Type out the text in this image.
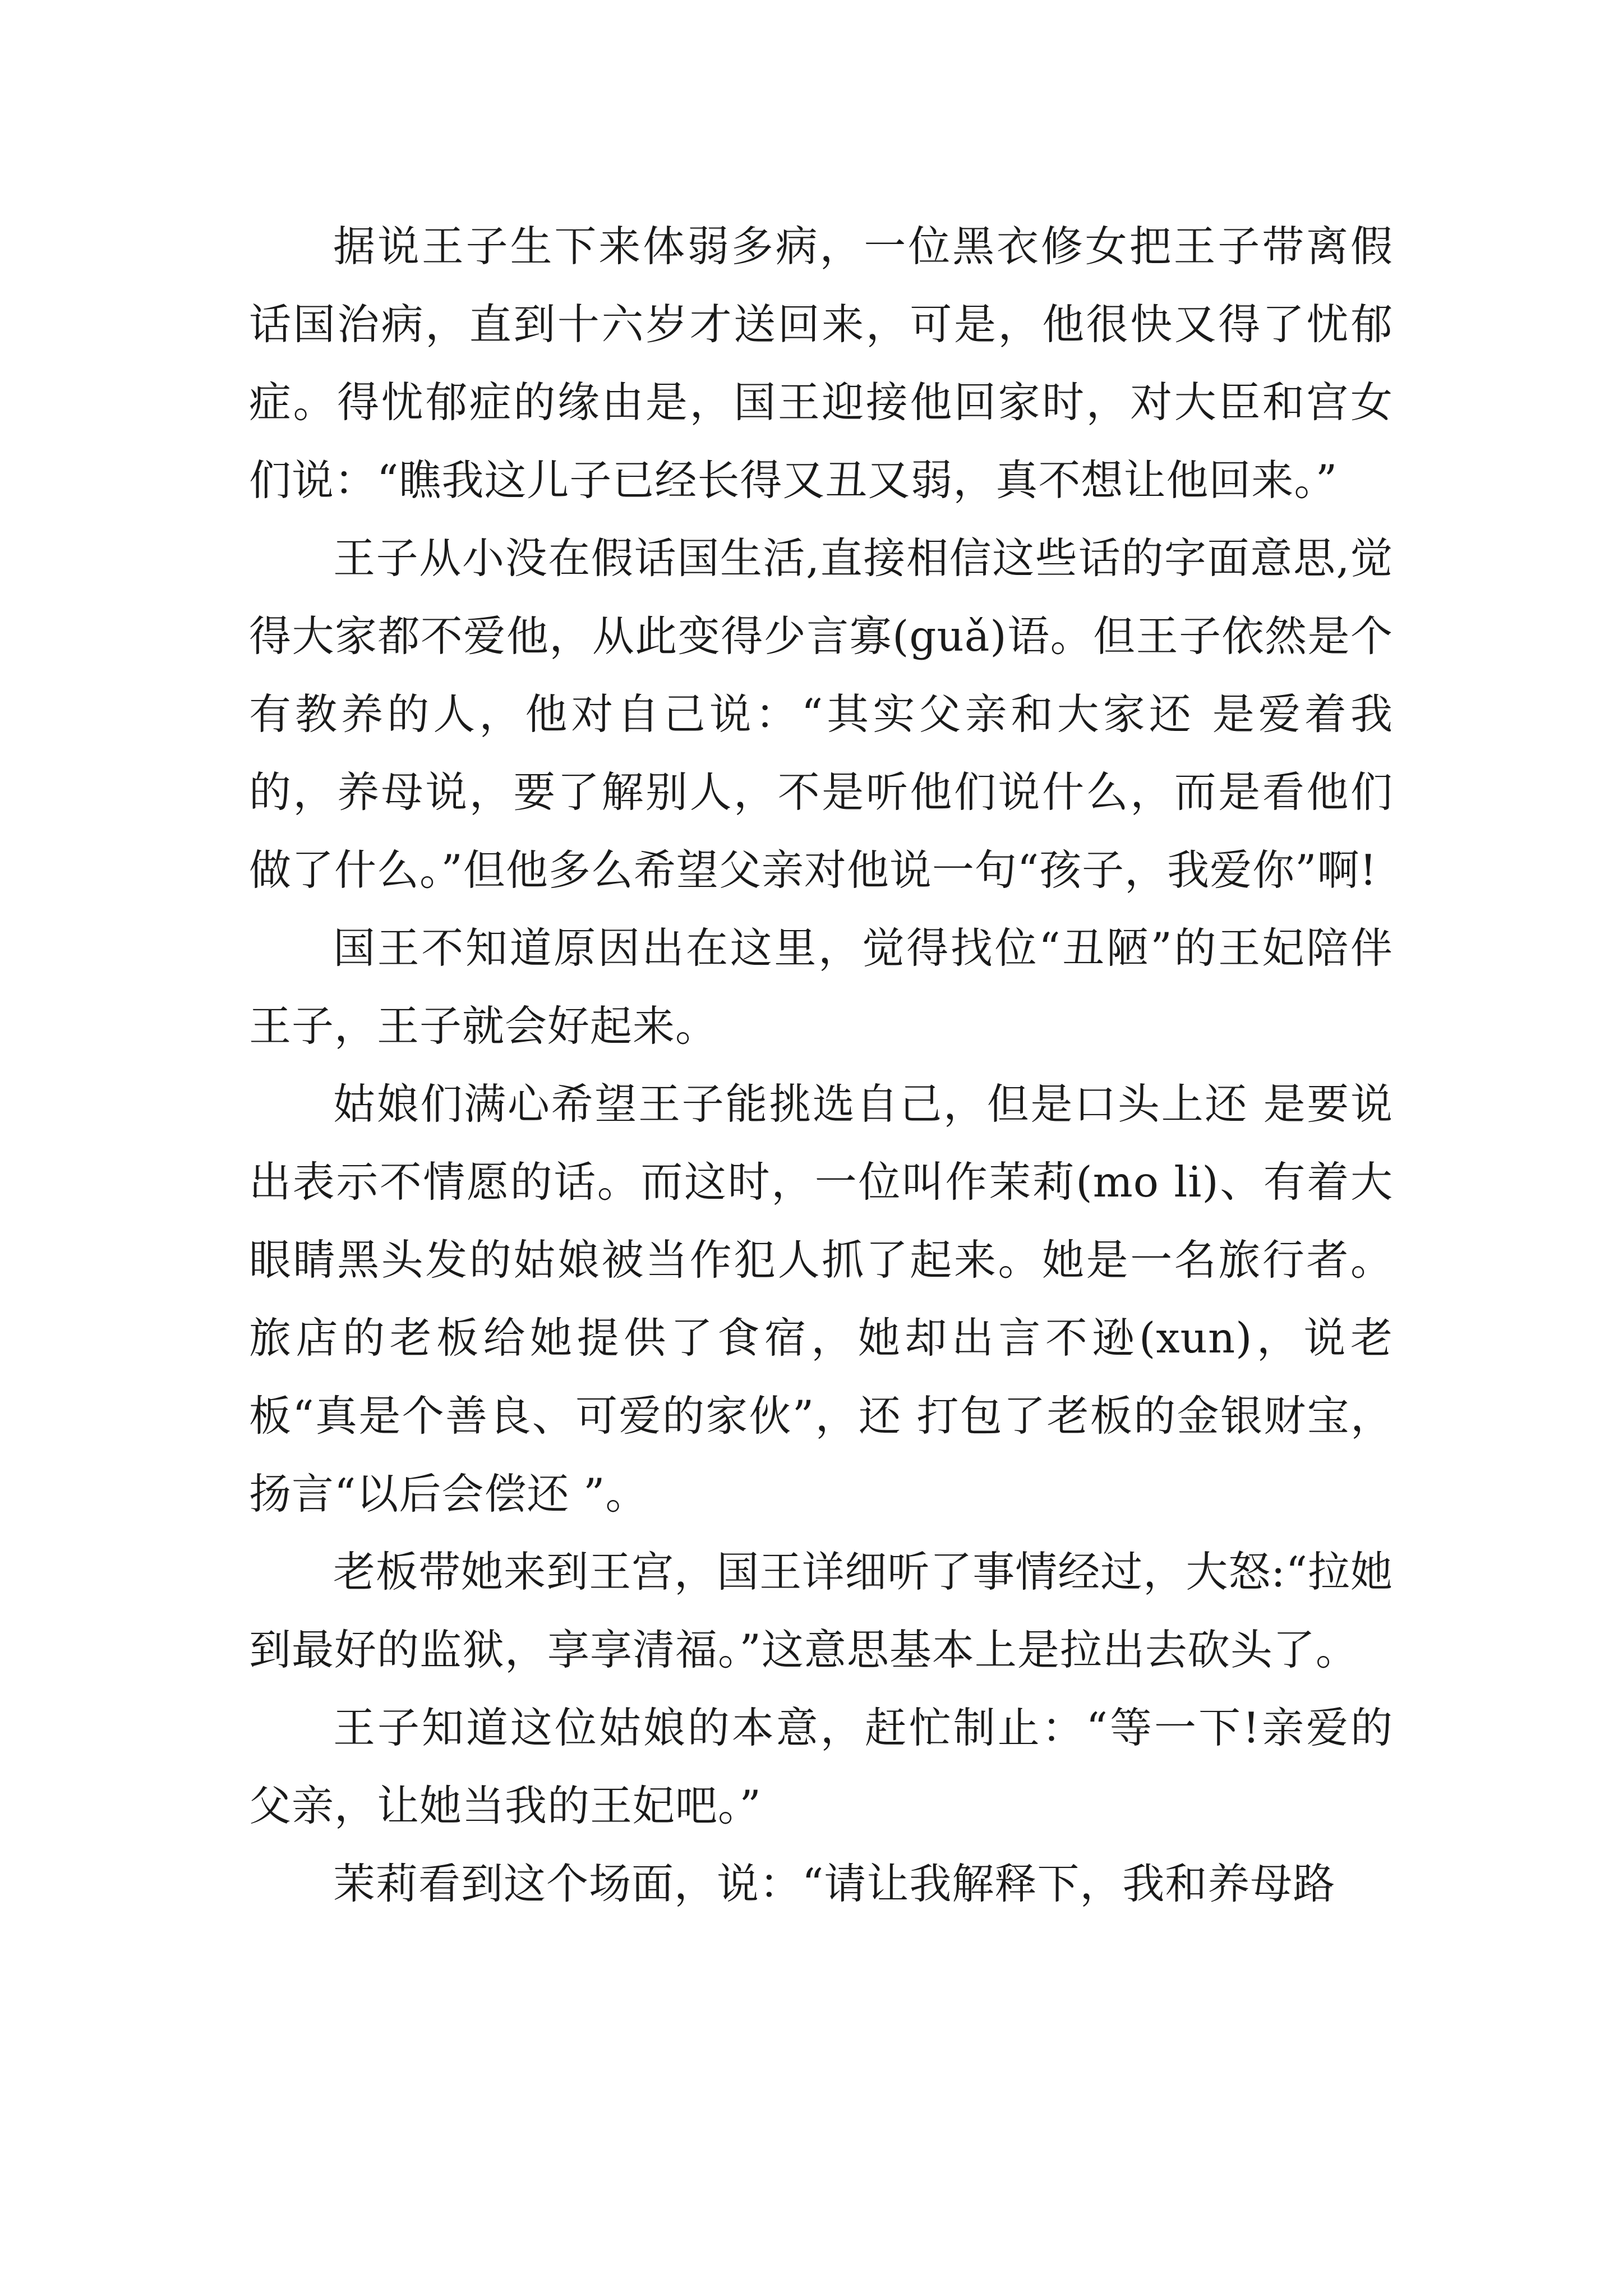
据说王子生下来体弱多病，一位黑衣修女把王子带离假话国治病，直到十六岁才送回来，可是，他很快又得了忧郁症。得忧郁症的缘由是，国王迎接他回家时，对大臣和宫女们说：“瞧我这儿子已经长得又丑又弱，真不想让他回来。”

王子从小没在假话国生活,直接相信这些话的字面意思,觉得大家都不爱他，从此变得少言寡(guǎ)语。但王子依然是个有教养的人，他对自己说：“其实父亲和大家还 是爱着我的，养母说，要了解别人，不是听他们说什么，而是看他们做了什么。”但他多么希望父亲对他说一句“孩子，我爱你”啊!

国王不知道原因出在这里，觉得找位“丑陋”的王妃陪伴王子，王子就会好起来。

姑娘们满心希望王子能挑选自己，但是口头上还 是要说出表示不情愿的话。而这时，一位叫作茉莉(mo li)、有着大眼睛黑头发的姑娘被当作犯人抓了起来。她是一名旅行者。旅店的老板给她提供了食宿，她却出言不逊(xun)，说老板“真是个善良、可爱的家伙”，还 打包了老板的金银财宝，扬言“以后会偿还 ”。

老板带她来到王宫，国王详细听了事情经过，大怒:“拉她到最好的监狱，享享清福。”这意思基本上是拉出去砍头了。

王子知道这位姑娘的本意，赶忙制止：“等一下!亲爱的父亲，让她当我的王妃吧。”

茉莉看到这个场面，说：“请让我解释下，我和养母路
